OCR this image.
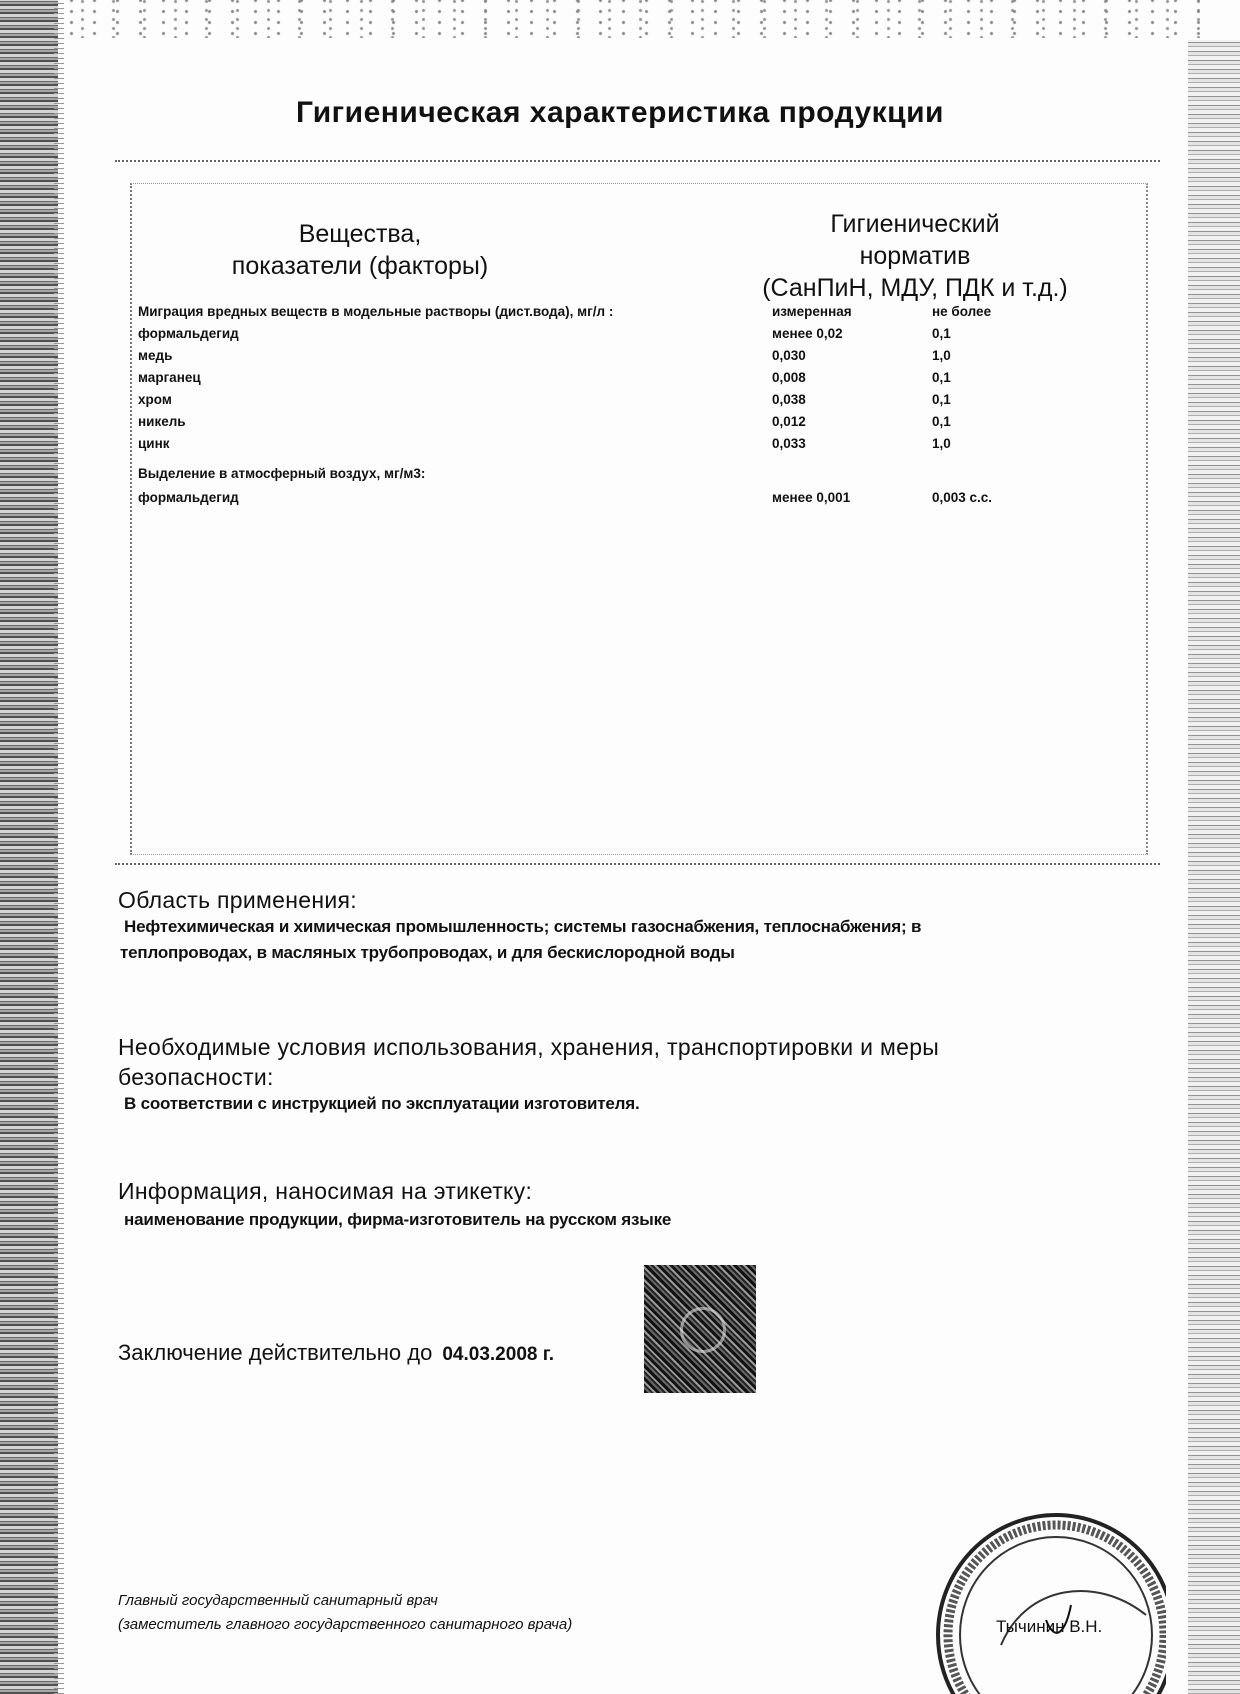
Гигиеническая характеристика продукции
Вещества,
показатели (факторы)
Гигиенический
норматив
(СанПиН, МДУ, ПДК и т.д.)
Миграция вредных веществ в модельные растворы (дист.вода), мг/л :	измеренная	не более
формальдегид	менее 0,02	0,1
медь	0,030	1,0
марганец	0,008	0,1
хром	0,038	0,1
никель	0,012	0,1
цинк	0,033	1,0
Выделение в атмосферный воздух, мг/м3:
формальдегид	менее 0,001	0,003 с.с.
Область применения:
Нефтехимическая и химическая промышленность; системы газоснабжения, теплоснабжения; в
теплопроводах, в масляных трубопроводах, и для бескислородной воды
Необходимые условия использования, хранения, транспортировки и меры
безопасности:
В соответствии с инструкцией по эксплуатации изготовителя.
Информация, наносимая на этикетку:
наименование продукции, фирма-изготовитель на русском языке
Заключение действительно до 04.03.2008 г.
Главный государственный санитарный врач
(заместитель главного государственного санитарного врача)	Тычинин В.Н.
